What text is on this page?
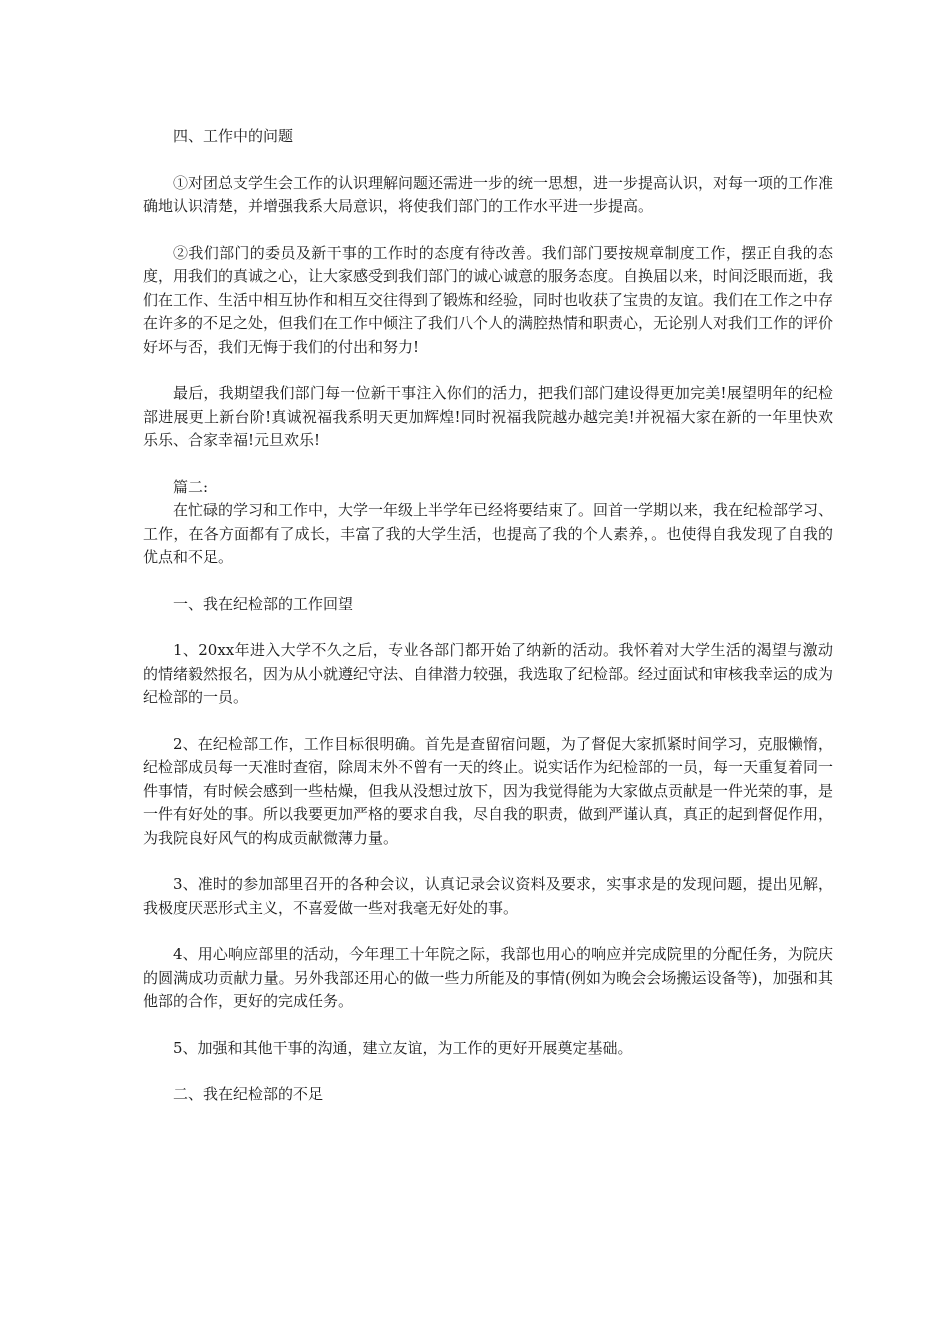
四、工作中的问题

①对团总支学生会工作的认识理解问题还需进一步的统一思想，进一步提高认识，对每一项的工作准确地认识清楚，并增强我系大局意识，将使我们部门的工作水平进一步提高。

②我们部门的委员及新干事的工作时的态度有待改善。我们部门要按规章制度工作，摆正自我的态度，用我们的真诚之心，让大家感受到我们部门的诚心诚意的服务态度。自换届以来，时间泛眼而逝，我们在工作、生活中相互协作和相互交往得到了锻炼和经验，同时也收获了宝贵的友谊。我们在工作之中存在许多的不足之处，但我们在工作中倾注了我们八个人的满腔热情和职责心，无论别人对我们工作的评价好坏与否，我们无悔于我们的付出和努力!

最后，我期望我们部门每一位新干事注入你们的活力，把我们部门建设得更加完美!展望明年的纪检部进展更上新台阶!真诚祝福我系明天更加辉煌!同时祝福我院越办越完美!并祝福大家在新的一年里快欢乐乐、合家幸福!元旦欢乐!

篇二:

在忙碌的学习和工作中，大学一年级上半学年已经将要结束了。回首一学期以来，我在纪检部学习、工作，在各方面都有了成长，丰富了我的大学生活，也提高了我的个人素养，。也使得自我发现了自我的优点和不足。

一、我在纪检部的工作回望

1、20xx年进入大学不久之后，专业各部门都开始了纳新的活动。我怀着对大学生活的渴望与激动的情绪毅然报名，因为从小就遵纪守法、自律潜力较强，我选取了纪检部。经过面试和审核我幸运的成为纪检部的一员。

2、在纪检部工作，工作目标很明确。首先是查留宿问题，为了督促大家抓紧时间学习，克服懒惰，纪检部成员每一天准时查宿，除周末外不曾有一天的终止。说实话作为纪检部的一员，每一天重复着同一件事情，有时候会感到一些枯燥，但我从没想过放下，因为我觉得能为大家做点贡献是一件光荣的事，是一件有好处的事。所以我要更加严格的要求自我，尽自我的职责，做到严谨认真，真正的起到督促作用，为我院良好风气的构成贡献微薄力量。

3、准时的参加部里召开的各种会议，认真记录会议资料及要求，实事求是的发现问题，提出见解，我极度厌恶形式主义，不喜爱做一些对我毫无好处的事。

4、用心响应部里的活动，今年理工十年院之际，我部也用心的响应并完成院里的分配任务，为院庆的圆满成功贡献力量。另外我部还用心的做一些力所能及的事情(例如为晚会会场搬运设备等)，加强和其他部的合作，更好的完成任务。

5、加强和其他干事的沟通，建立友谊，为工作的更好开展奠定基础。

二、我在纪检部的不足
